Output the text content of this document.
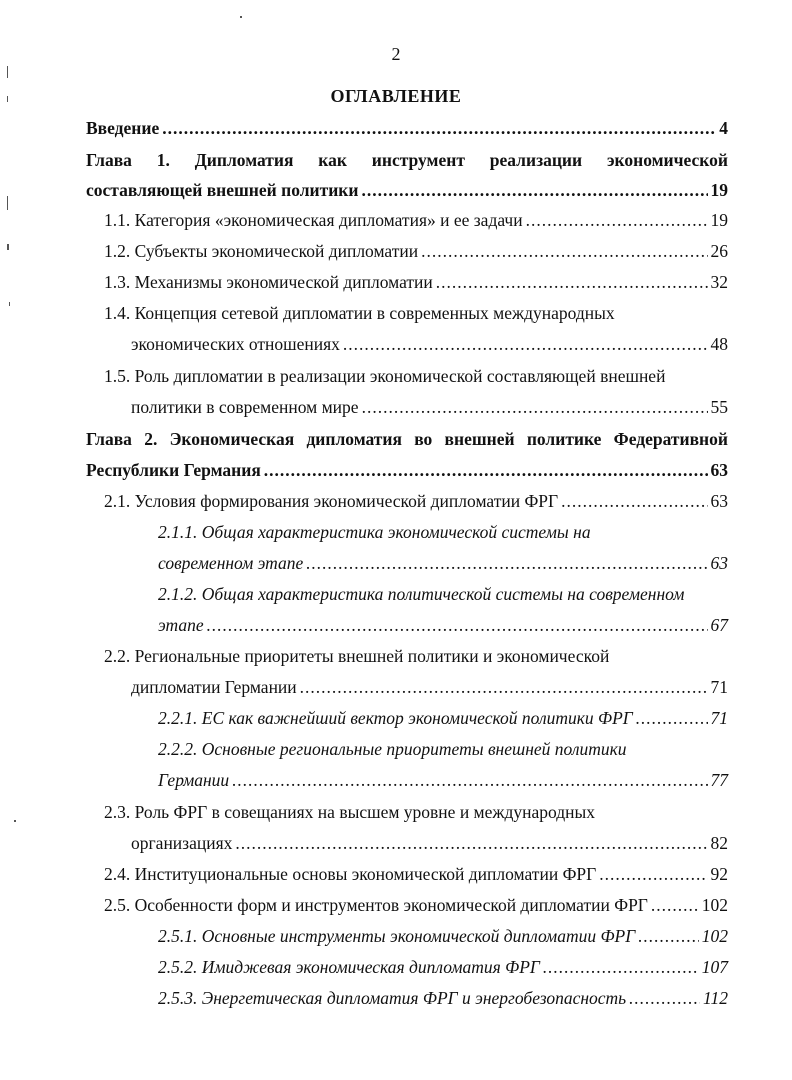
2
ОГЛАВЛЕНИЕ
Введение .....	4
Глава 1. Дипломатия как инструмент реализации экономической
составляющей внешней политики .....	19
1.1. Категория «экономическая дипломатия» и ее задачи .....	19
1.2. Субъекты экономической дипломатии .....	26
1.3. Механизмы экономической дипломатии .....	32
1.4. Концепция сетевой дипломатии в современных международных
экономических отношениях .....	48
1.5. Роль дипломатии в реализации экономической составляющей внешней
политики в современном мире .....	55
Глава 2. Экономическая дипломатия во внешней политике Федеративной
Республики Германия .....	63
2.1. Условия формирования экономической дипломатии ФРГ .....	63
2.1.1. Общая характеристика экономической системы на
современном этапе .....	63
2.1.2. Общая характеристика политической системы на современном
этапе .....	67
2.2. Региональные приоритеты внешней политики и экономической
дипломатии Германии .....	71
2.2.1. ЕС как важнейший вектор экономической политики ФРГ .....	71
2.2.2. Основные региональные приоритеты внешней политики
Германии .....	77
2.3. Роль ФРГ в совещаниях на высшем уровне и международных
организациях .....	82
2.4. Институциональные основы экономической дипломатии ФРГ .....	92
2.5. Особенности форм и инструментов экономической дипломатии ФРГ .....	102
2.5.1. Основные инструменты экономической дипломатии ФРГ .....	102
2.5.2. Имиджевая экономическая дипломатия ФРГ .....	107
2.5.3. Энергетическая дипломатия ФРГ и энергобезопасность .....	112
